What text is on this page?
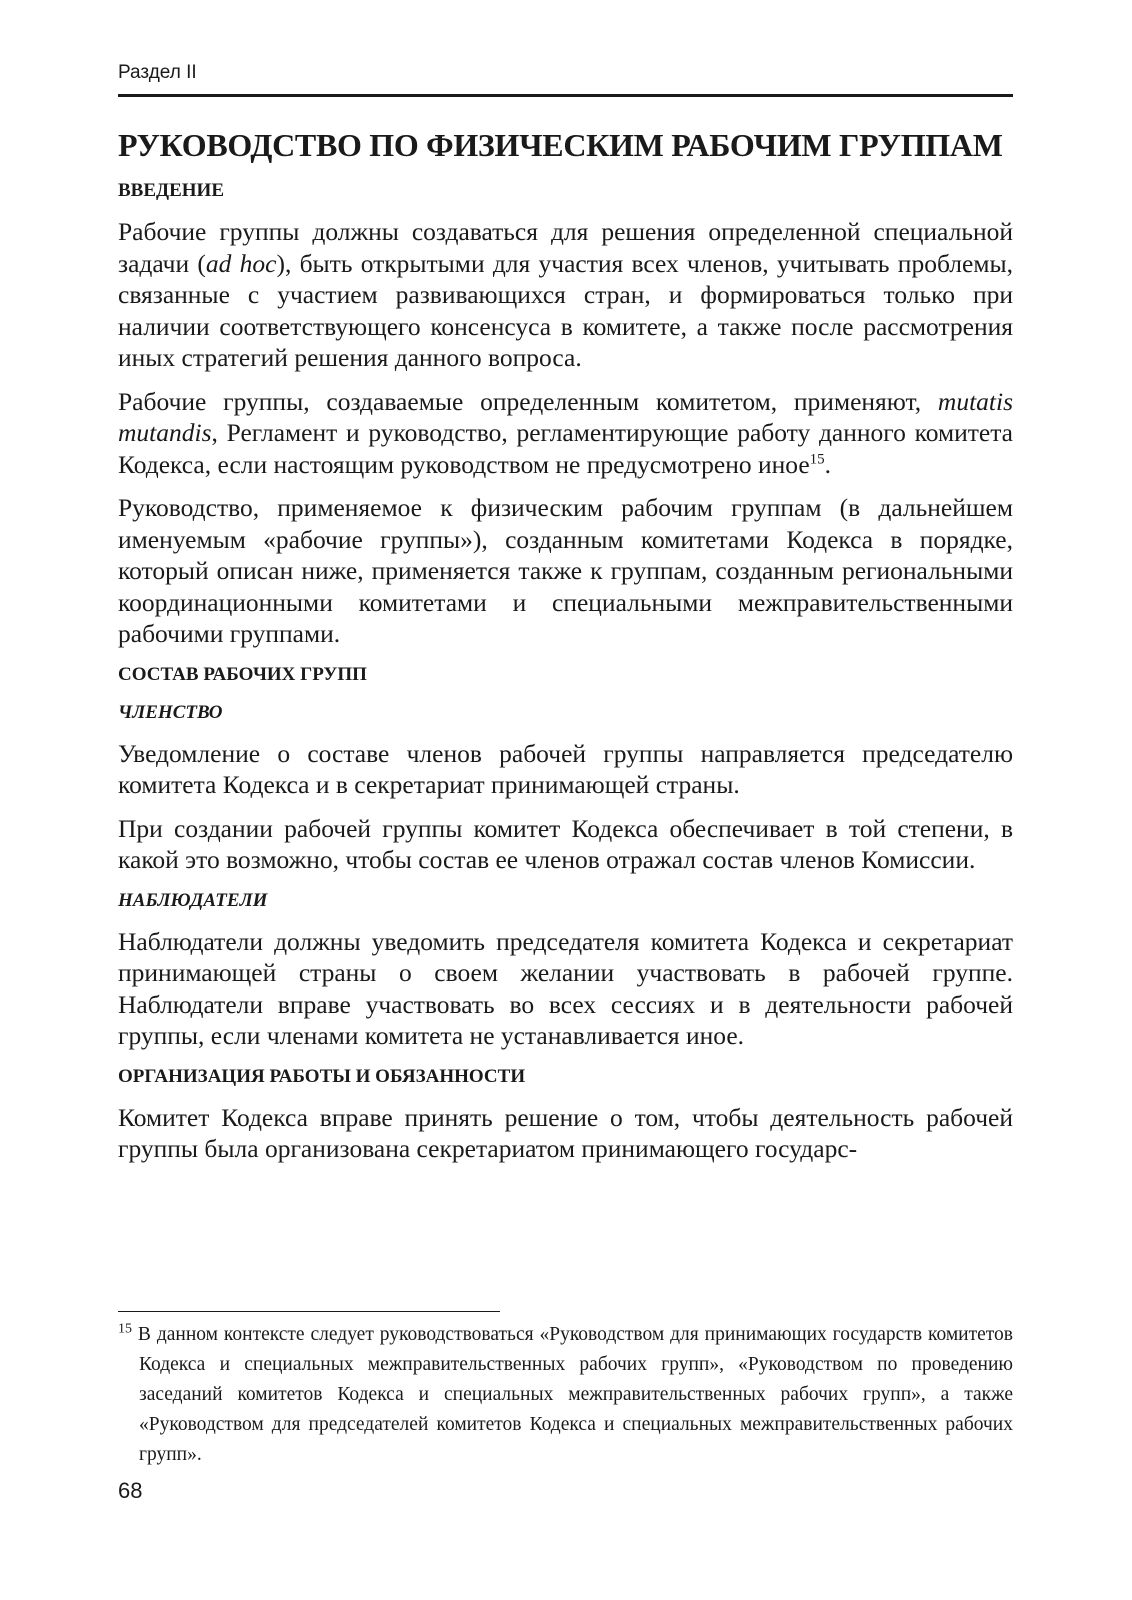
Раздел II
РУКОВОДСТВО ПО ФИЗИЧЕСКИМ РАБОЧИМ ГРУППАМ
ВВЕДЕНИЕ

Рабочие группы должны создаваться для решения определенной специальной задачи (ad hoc), быть открытыми для участия всех членов, учитывать проблемы, связанные с участием развивающихся стран, и формироваться только при наличии соответствующего консенсуса в комитете, а также после рассмотрения иных стратегий решения данного вопроса.

Рабочие группы, создаваемые определенным комитетом, применяют, mutatis mutandis, Регламент и руководство, регламентирующие работу данного комитета Кодекса, если настоящим руководством не предусмотрено иное$^{15}$.

Руководство, применяемое к физическим рабочим группам (в дальнейшем именуемым «рабочие группы»), созданным комитетами Кодекса в порядке, который описан ниже, применяется также к группам, созданным региональными координационными комитетами и специальными межправительственными рабочими группами.

СОСТАВ РАБОЧИХ ГРУПП
ЧЛЕНСТВО

Уведомление о составе членов рабочей группы направляется председателю комитета Кодекса и в секретариат принимающей страны.

При создании рабочей группы комитет Кодекса обеспечивает в той степени, в какой это возможно, чтобы состав ее членов отражал состав членов Комиссии.

НАБЛЮДАТЕЛИ

Наблюдатели должны уведомить председателя комитета Кодекса и секретариат принимающей страны о своем желании участвовать в рабочей группе. Наблюдатели вправе участвовать во всех сессиях и в деятельности рабочей группы, если членами комитета не устанавливается иное.

ОРГАНИЗАЦИЯ РАБОТЫ И ОБЯЗАННОСТИ

Комитет Кодекса вправе принять решение о том, чтобы деятельность рабочей группы была организована секретариатом принимающего государс-

$^{15}$ В данном контексте следует руководствоваться «Руководством для принимающих государств комитетов Кодекса и специальных межправительственных рабочих групп», «Руководством по проведению заседаний комитетов Кодекса и специальных межправительственных рабочих групп», а также «Руководством для председателей комитетов Кодекса и специальных межправительственных рабочих групп».
68
